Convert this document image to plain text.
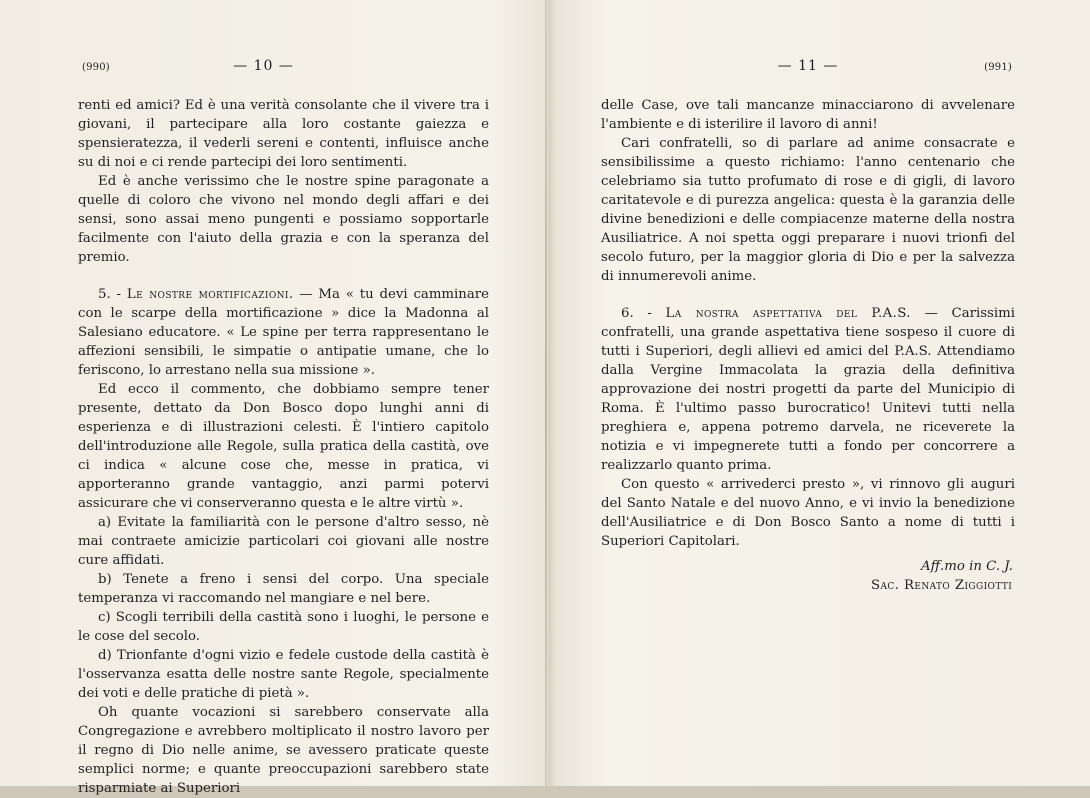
(990)	— 10 —

renti ed amici? Ed è una verità consolante che il vivere tra i giovani, il partecipare alla loro costante gaiezza e spensieratezza, il vederli sereni e contenti, influisce anche su di noi e ci rende partecipi dei loro sentimenti.

Ed è anche verissimo che le nostre spine paragonate a quelle di coloro che vivono nel mondo degli affari e dei sensi, sono assai meno pungenti e possiamo sopportarle facilmente con l'aiuto della grazia e con la speranza del premio.

5. - Le nostre mortificazioni. — Ma « tu devi camminare con le scarpe della mortificazione » dice la Madonna al Salesiano educatore. « Le spine per terra rappresentano le affezioni sensibili, le simpatie o antipatie umane, che lo feriscono, lo arrestano nella sua missione ».

Ed ecco il commento, che dobbiamo sempre tener presente, dettato da Don Bosco dopo lunghi anni di esperienza e di illustrazioni celesti. È l'intiero capitolo dell'introduzione alle Regole, sulla pratica della castità, ove ci indica « alcune cose che, messe in pratica, vi apporteranno grande vantaggio, anzi parmi potervi assicurare che vi conserveranno questa e le altre virtù ».

a) Evitate la familiarità con le persone d'altro sesso, nè mai contraete amicizie particolari coi giovani alle nostre cure affidati.

b) Tenete a freno i sensi del corpo. Una speciale temperanza vi raccomando nel mangiare e nel bere.

c) Scogli terribili della castità sono i luoghi, le persone e le cose del secolo.

d) Trionfante d'ogni vizio e fedele custode della castità è l'osservanza esatta delle nostre sante Regole, specialmente dei voti e delle pratiche di pietà ».

Oh quante vocazioni si sarebbero conservate alla Congregazione e avrebbero moltiplicato il nostro lavoro per il regno di Dio nelle anime, se avessero praticate queste semplici norme; e quante preoccupazioni sarebbero state risparmiate ai Superiori

— 11 —	(991)

delle Case, ove tali mancanze minacciarono di avvelenare l'ambiente e di isterilire il lavoro di anni!

Cari confratelli, so di parlare ad anime consacrate e sensibilissime a questo richiamo: l'anno centenario che celebriamo sia tutto profumato di rose e di gigli, di lavoro caritatevole e di purezza angelica: questa è la garanzia delle divine benedizioni e delle compiacenze materne della nostra Ausiliatrice. A noi spetta oggi preparare i nuovi trionfi del secolo futuro, per la maggior gloria di Dio e per la salvezza di innumerevoli anime.

6. - La nostra aspettativa del P.A.S. — Carissimi confratelli, una grande aspettativa tiene sospeso il cuore di tutti i Superiori, degli allievi ed amici del P.A.S. Attendiamo dalla Vergine Immacolata la grazia della definitiva approvazione dei nostri progetti da parte del Municipio di Roma. È l'ultimo passo burocratico! Unitevi tutti nella preghiera e, appena potremo darvela, ne riceverete la notizia e vi impegnerete tutti a fondo per concorrere a realizzarlo quanto prima.

Con questo « arrivederci presto », vi rinnovo gli auguri del Santo Natale e del nuovo Anno, e vi invio la benedizione dell'Ausiliatrice e di Don Bosco Santo a nome di tutti i Superiori Capitolari.

Aff.mo in C. J.
Sac. Renato Ziggiotti
